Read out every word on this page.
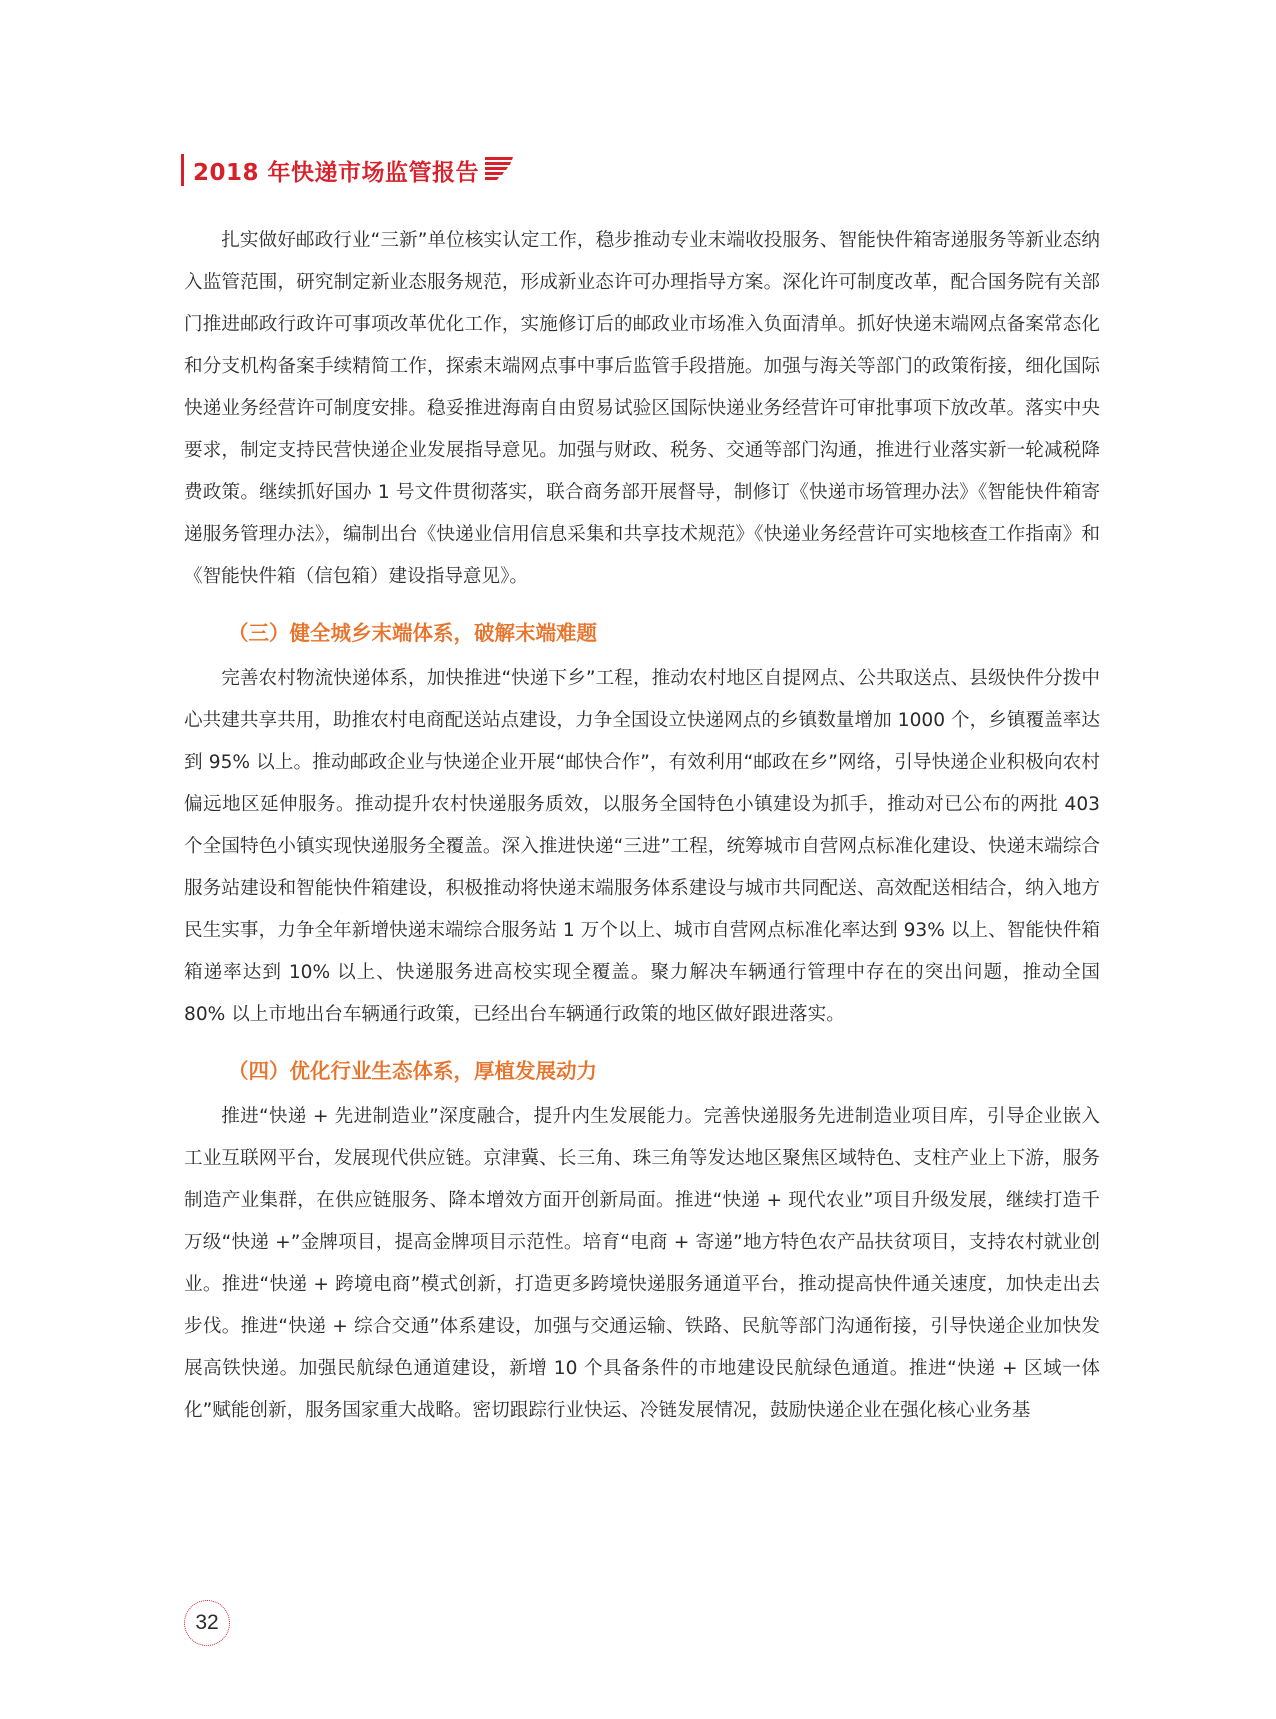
2018 年快递市场监管报告

扎实做好邮政行业“三新”单位核实认定工作，稳步推动专业末端收投服务、智能快件箱寄递服务等新业态纳入监管范围，研究制定新业态服务规范，形成新业态许可办理指导方案。深化许可制度改革，配合国务院有关部门推进邮政行政许可事项改革优化工作，实施修订后的邮政业市场准入负面清单。抓好快递末端网点备案常态化和分支机构备案手续精简工作，探索末端网点事中事后监管手段措施。加强与海关等部门的政策衔接，细化国际快递业务经营许可制度安排。稳妥推进海南自由贸易试验区国际快递业务经营许可审批事项下放改革。落实中央要求，制定支持民营快递企业发展指导意见。加强与财政、税务、交通等部门沟通，推进行业落实新一轮减税降费政策。继续抓好国办 1 号文件贯彻落实，联合商务部开展督导，制修订《快递市场管理办法》《智能快件箱寄递服务管理办法》，编制出台《快递业信用信息采集和共享技术规范》《快递业务经营许可实地核查工作指南》和《智能快件箱（信包箱）建设指导意见》。

（三）健全城乡末端体系，破解末端难题

完善农村物流快递体系，加快推进“快递下乡”工程，推动农村地区自提网点、公共取送点、县级快件分拨中心共建共享共用，助推农村电商配送站点建设，力争全国设立快递网点的乡镇数量增加 1000 个，乡镇覆盖率达到 95% 以上。推动邮政企业与快递企业开展“邮快合作”，有效利用“邮政在乡”网络，引导快递企业积极向农村偏远地区延伸服务。推动提升农村快递服务质效，以服务全国特色小镇建设为抓手，推动对已公布的两批 403 个全国特色小镇实现快递服务全覆盖。深入推进快递“三进”工程，统筹城市自营网点标准化建设、快递末端综合服务站建设和智能快件箱建设，积极推动将快递末端服务体系建设与城市共同配送、高效配送相结合，纳入地方民生实事，力争全年新增快递末端综合服务站 1 万个以上、城市自营网点标准化率达到 93% 以上、智能快件箱箱递率达到 10% 以上、快递服务进高校实现全覆盖。聚力解决车辆通行管理中存在的突出问题，推动全国 80% 以上市地出台车辆通行政策，已经出台车辆通行政策的地区做好跟进落实。

（四）优化行业生态体系，厚植发展动力

推进“快递 + 先进制造业”深度融合，提升内生发展能力。完善快递服务先进制造业项目库，引导企业嵌入工业互联网平台，发展现代供应链。京津冀、长三角、珠三角等发达地区聚焦区域特色、支柱产业上下游，服务制造产业集群，在供应链服务、降本增效方面开创新局面。推进“快递 + 现代农业”项目升级发展，继续打造千万级“快递 +”金牌项目，提高金牌项目示范性。培育“电商 + 寄递”地方特色农产品扶贫项目，支持农村就业创业。推进“快递 + 跨境电商”模式创新，打造更多跨境快递服务通道平台，推动提高快件通关速度，加快走出去步伐。推进“快递 + 综合交通”体系建设，加强与交通运输、铁路、民航等部门沟通衔接，引导快递企业加快发展高铁快递。加强民航绿色通道建设，新增 10 个具备条件的市地建设民航绿色通道。推进“快递 + 区域一体化”赋能创新，服务国家重大战略。密切跟踪行业快运、冷链发展情况，鼓励快递企业在强化核心业务基

32
